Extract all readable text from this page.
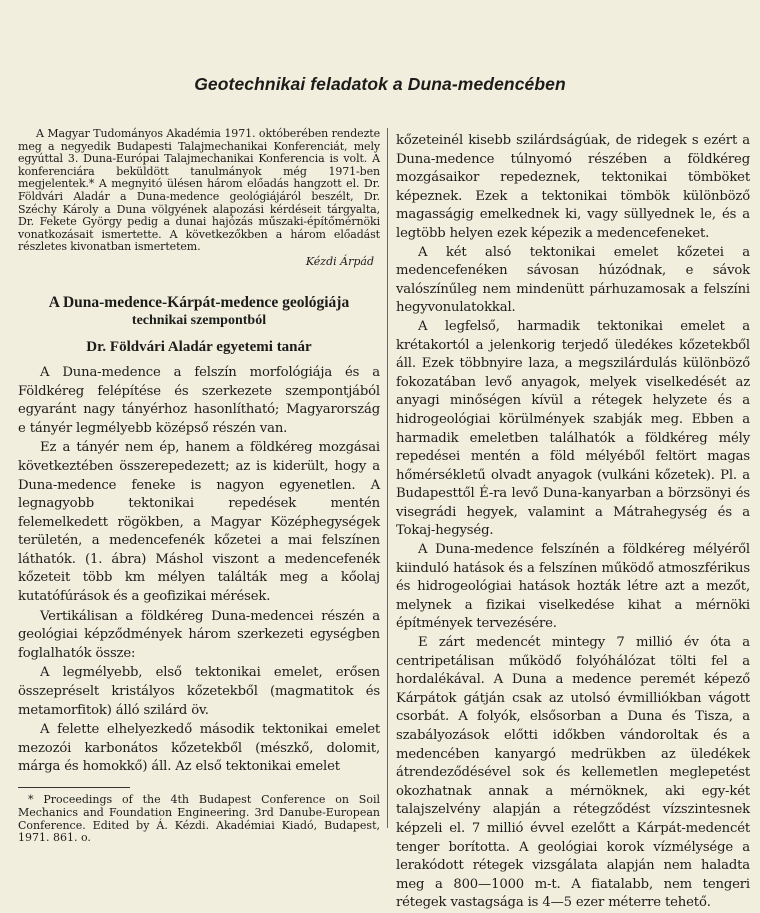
Geotechnikai feladatok a Duna-medencében

A Magyar Tudományos Akadémia 1971. októberében rendezte meg a negyedik Budapesti Talajmechanikai Konferenciát, mely egyúttal 3. Duna-Európai Talajmechanikai Konferencia is volt. A konferenciára beküldött tanulmányok még 1971-ben megjelentek.* A megnyitó ülésen három előadás hangzott el. Dr. Földvári Aladár a Duna-medence geológiájáról beszélt, Dr. Széchy Károly a Duna völgyének alapozási kérdéseit tárgyalta, Dr. Fekete György pedig a dunai hajózás műszaki-építőmérnöki vonatkozásait ismertette. A következőkben a három előadást részletes kivonatban ismertetem.

Kézdi Árpád
A Duna-medence-Kárpát-medence geológiája
technikai szempontból
Dr. Földvári Aladár egyetemi tanár

A Duna-medence a felszín morfológiája és a Földkéreg felépítése és szerkezete szempontjából egyaránt nagy tányérhoz hasonlítható; Magyarország e tányér legmélyebb középső részén van.

Ez a tányér nem ép, hanem a földkéreg mozgásai következtében összerepedezett; az is kiderült, hogy a Duna-medence feneke is nagyon egyenetlen. A legnagyobb tektonikai repedések mentén felemelkedett rögökben, a Magyar Középhegységek területén, a medencefenék kőzetei a mai felszínen láthatók. (1. ábra) Máshol viszont a medencefenék kőzeteit több km mélyen találták meg a kőolaj kutatófúrások és a geofizikai mérések.

Vertikálisan a földkéreg Duna-medencei részén a geológiai képződmények három szerkezeti egységben foglalhatók össze:

A legmélyebb, első tektonikai emelet, erősen összepréselt kristályos kőzetekből (magmatitok és metamorfitok) álló szilárd öv.

A felette elhelyezkedő második tektonikai emelet mezozói karbonátos kőzetekből (mészkő, dolomit, márga és homokkő) áll. Az első tektonikai emelet

* Proceedings of the 4th Budapest Conference on Soil Mechanics and Foundation Engineering. 3rd Danube-European Conference. Edited by Á. Kézdi. Akadémiai Kiadó, Budapest, 1971. 861. o.

kőzeteinél kisebb szilárdságúak, de ridegek s ezért a Duna-medence túlnyomó részében a földkéreg mozgásaikor repedeznek, tektonikai tömböket képeznek. Ezek a tektonikai tömbök különböző magasságig emelkednek ki, vagy süllyednek le, és a legtöbb helyen ezek képezik a medencefeneket.

A két alsó tektonikai emelet kőzetei a medencefenéken sávosan húzódnak, e sávok valószínűleg nem mindenütt párhuzamosak a felszíni hegyvonulatokkal.

A legfelső, harmadik tektonikai emelet a krétakortól a jelenkorig terjedő üledékes kőzetekből áll. Ezek többnyire laza, a megszilárdulás különböző fokozatában levő anyagok, melyek viselkedését az anyagi minőségen kívül a rétegek helyzete és a hidrogeológiai körülmények szabják meg. Ebben a harmadik emeletben találhatók a földkéreg mély repedései mentén a föld mélyéből feltört magas hőmérsékletű olvadt anyagok (vulkáni kőzetek). Pl. a Budapesttől É-ra levő Duna-kanyarban a börzsönyi és visegrádi hegyek, valamint a Mátrahegység és a Tokaj-hegység.

A Duna-medence felszínén a földkéreg mélyéről kiinduló hatások és a felszínen működő atmoszférikus és hidrogeológiai hatások hozták létre azt a mezőt, melynek a fizikai viselkedése kihat a mérnöki építmények tervezésére.

E zárt medencét mintegy 7 millió év óta a centripetálisan működő folyóhálózat tölti fel a hordalékával. A Duna a medence peremét képező Kárpátok gátján csak az utolsó évmilliókban vágott csorbát. A folyók, elsősorban a Duna és Tisza, a szabályozások előtti időkben vándoroltak és a medencében kanyargó medrükben az üledékek átrendeződésével sok és kellemetlen meglepetést okozhatnak annak a mérnöknek, aki egy-két talajszelvény alapján a rétegződést vízszintesnek képzeli el. 7 millió évvel ezelőtt a Kárpát-medencét tenger borította. A geológiai korok vízmélysége a lerakódott rétegek vizsgálata alapján nem haladta meg a 800—1000 m-t. A fiatalabb, nem tengeri rétegek vastagsága is 4—5 ezer méterre tehető.
